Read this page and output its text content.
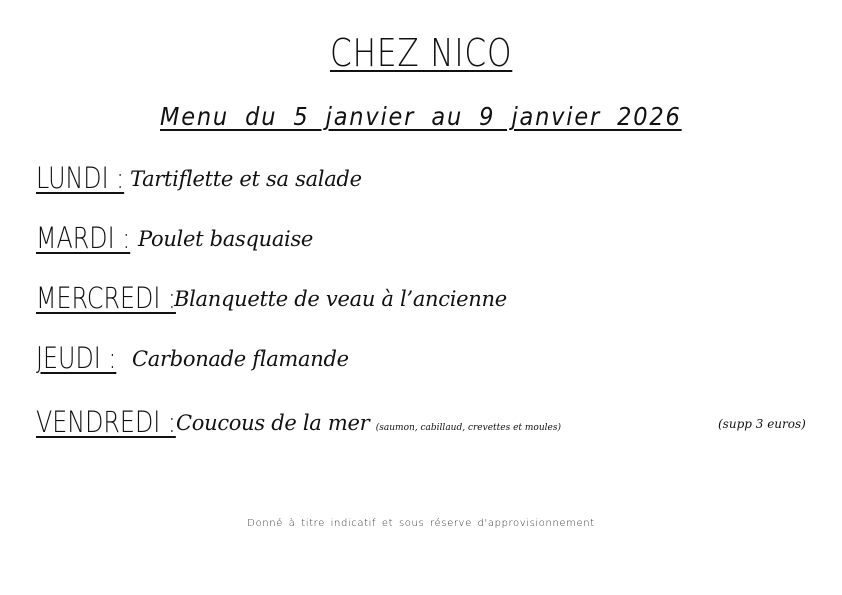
CHEZ NICO
Menu du 5 janvier au 9 janvier 2026
LUNDI : Tartiflette et sa salade
MARDI : Poulet basquaise
MERCREDI :
Blanquette de veau à l’ancienne
JEUDI : Carbonade flamande
VENDREDI : Coucous de la mer (saumon, cabillaud, crevettes et moules)	(supp 3 euros)
Donné à titre indicatif et sous réserve d'approvisionnement
